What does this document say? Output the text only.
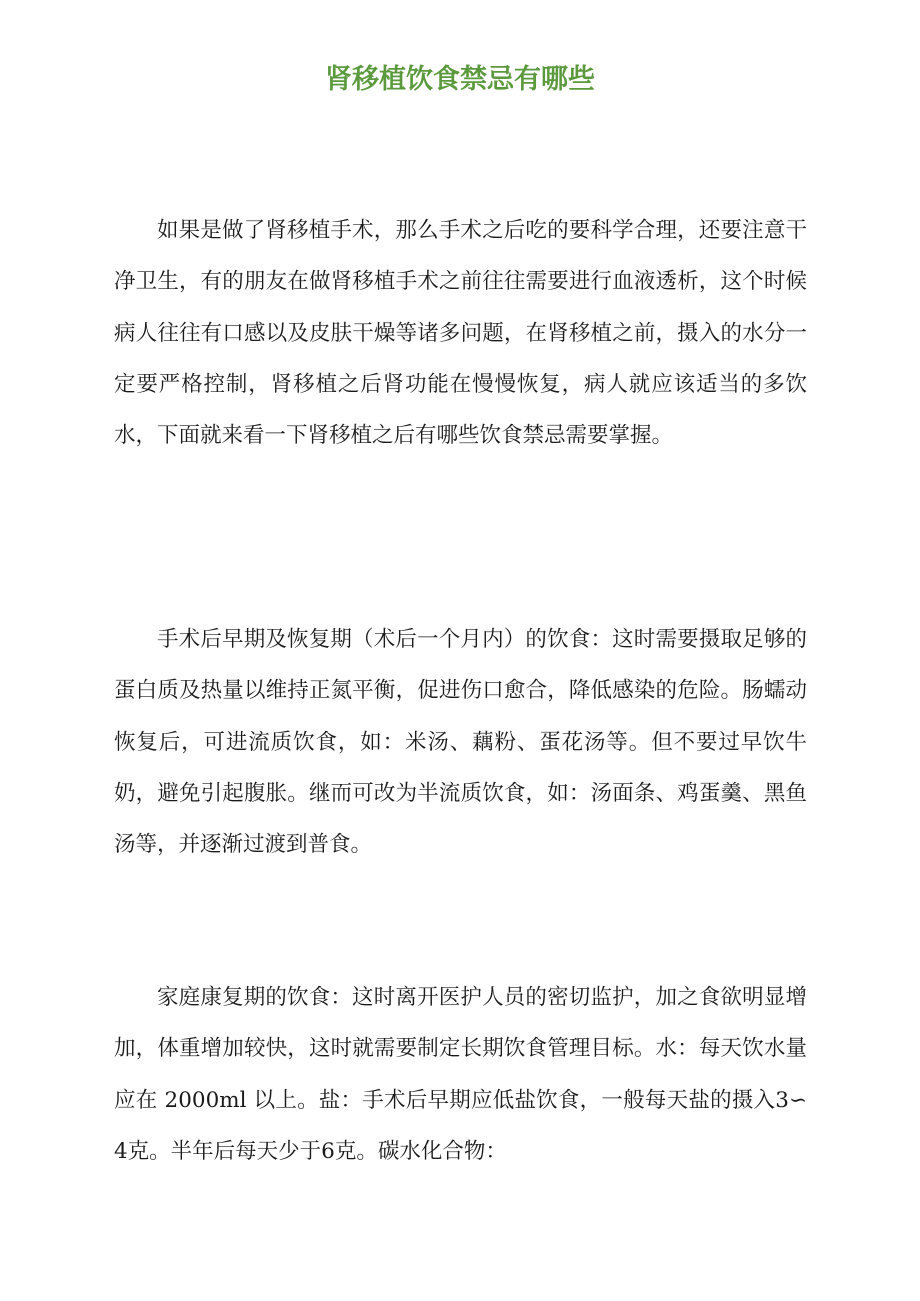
肾移植饮食禁忌有哪些

如果是做了肾移植手术，那么手术之后吃的要科学合理，还要注意干净卫生，有的朋友在做肾移植手术之前往往需要进行血液透析，这个时候病人往往有口感以及皮肤干燥等诸多问题，在肾移植之前，摄入的水分一定要严格控制，肾移植之后肾功能在慢慢恢复，病人就应该适当的多饮水，下面就来看一下肾移植之后有哪些饮食禁忌需要掌握。

手术后早期及恢复期（术后一个月内）的饮食：这时需要摄取足够的蛋白质及热量以维持正氮平衡，促进伤口愈合，降低感染的危险。肠蠕动恢复后，可进流质饮食，如：米汤、藕粉、蛋花汤等。但不要过早饮牛奶，避免引起腹胀。继而可改为半流质饮食，如：汤面条、鸡蛋羹、黑鱼汤等，并逐渐过渡到普食。

家庭康复期的饮食：这时离开医护人员的密切监护，加之食欲明显增加，体重增加较快，这时就需要制定长期饮食管理目标。水：每天饮水量应在 2000ml 以上。盐：手术后早期应低盐饮食，一般每天盐的摄入3∽4克。半年后每天少于6克。碳水化合物：
